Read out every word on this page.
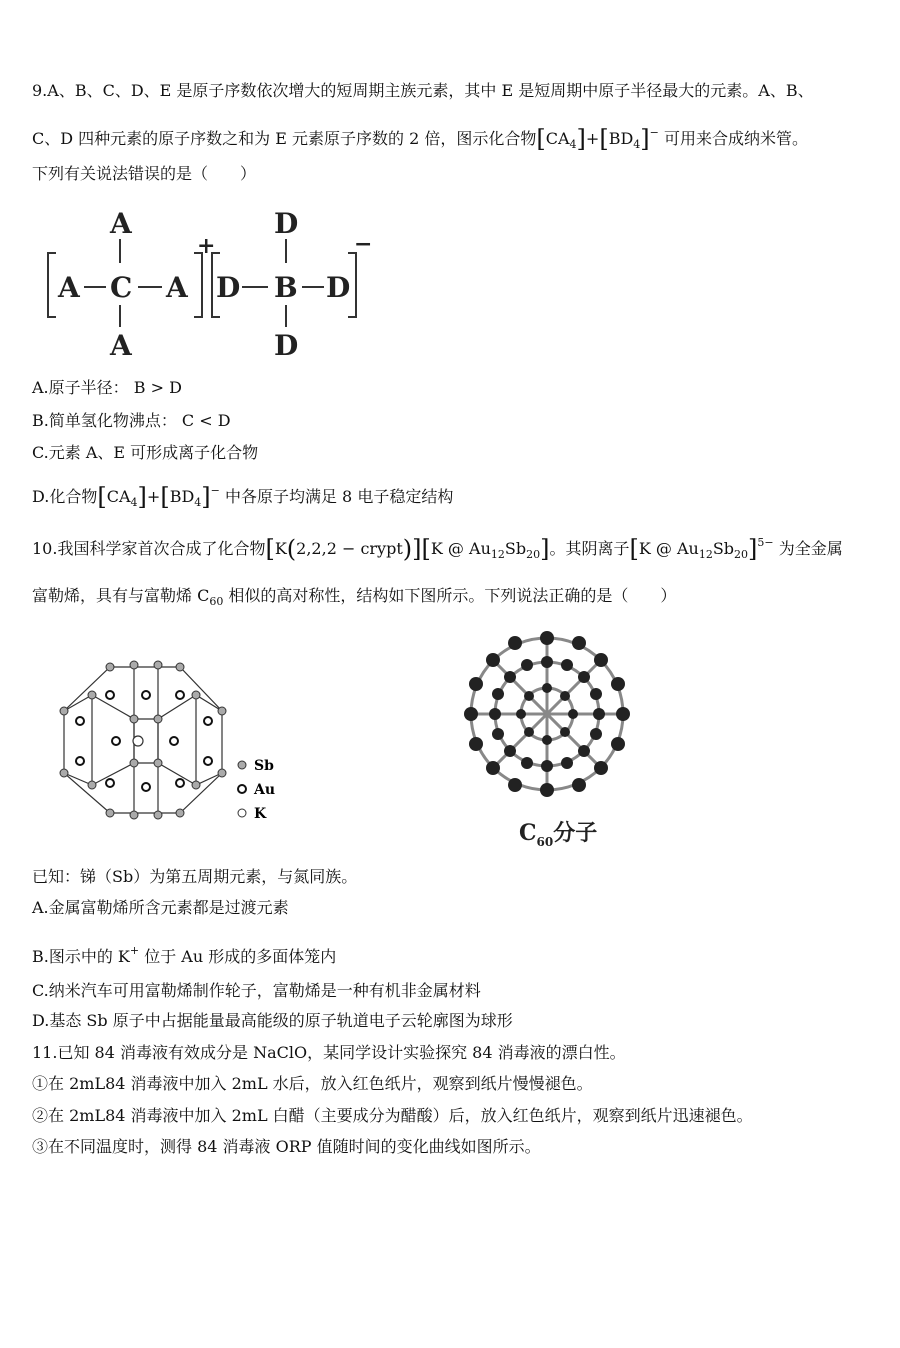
9.A、B、C、D、E 是原子序数依次增大的短周期主族元素，其中 E 是短周期中原子半径最大的元素。A、B、
C、D 四种元素的原子序数之和为 E 元素原子序数的 2 倍，图示化合物$[CA_4]+[BD_4]^-$ 可用来合成纳米管。
下列有关说法错误的是（　　）
A
A C A
A
+
D
D B D
D
−
A.原子半径： B > D
B.简单氢化物沸点： C < D
C.元素 A、E 可形成离子化合物
D.化合物$[CA_4]+[BD_4]^-$ 中各原子均满足 8 电子稳定结构
10.我国科学家首次合成了化合物[K(2,2,2 − crypt)][K @ $Au_{12}Sb_{20}$]。其阴离子[K @ $Au_{12}Sb_{20}]^{5-}$ 为全金属
富勒烯，具有与富勒烯 $C_{60}$ 相似的高对称性，结构如下图所示。下列说法正确的是（　　）
Sb
Au
K
$C_{60}$分子
已知：锑（Sb）为第五周期元素，与氮同族。
A.金属富勒烯所含元素都是过渡元素
B.图示中的 K+ 位于 Au 形成的多面体笼内
C.纳米汽车可用富勒烯制作轮子，富勒烯是一种有机非金属材料
D.基态 Sb 原子中占据能量最高能级的原子轨道电子云轮廓图为球形
11.已知 84 消毒液有效成分是 NaClO，某同学设计实验探究 84 消毒液的漂白性。
①在 2mL84 消毒液中加入 2mL 水后，放入红色纸片，观察到纸片慢慢褪色。
②在 2mL84 消毒液中加入 2mL 白醋（主要成分为醋酸）后，放入红色纸片，观察到纸片迅速褪色。
③在不同温度时，测得 84 消毒液 ORP 值随时间的变化曲线如图所示。
